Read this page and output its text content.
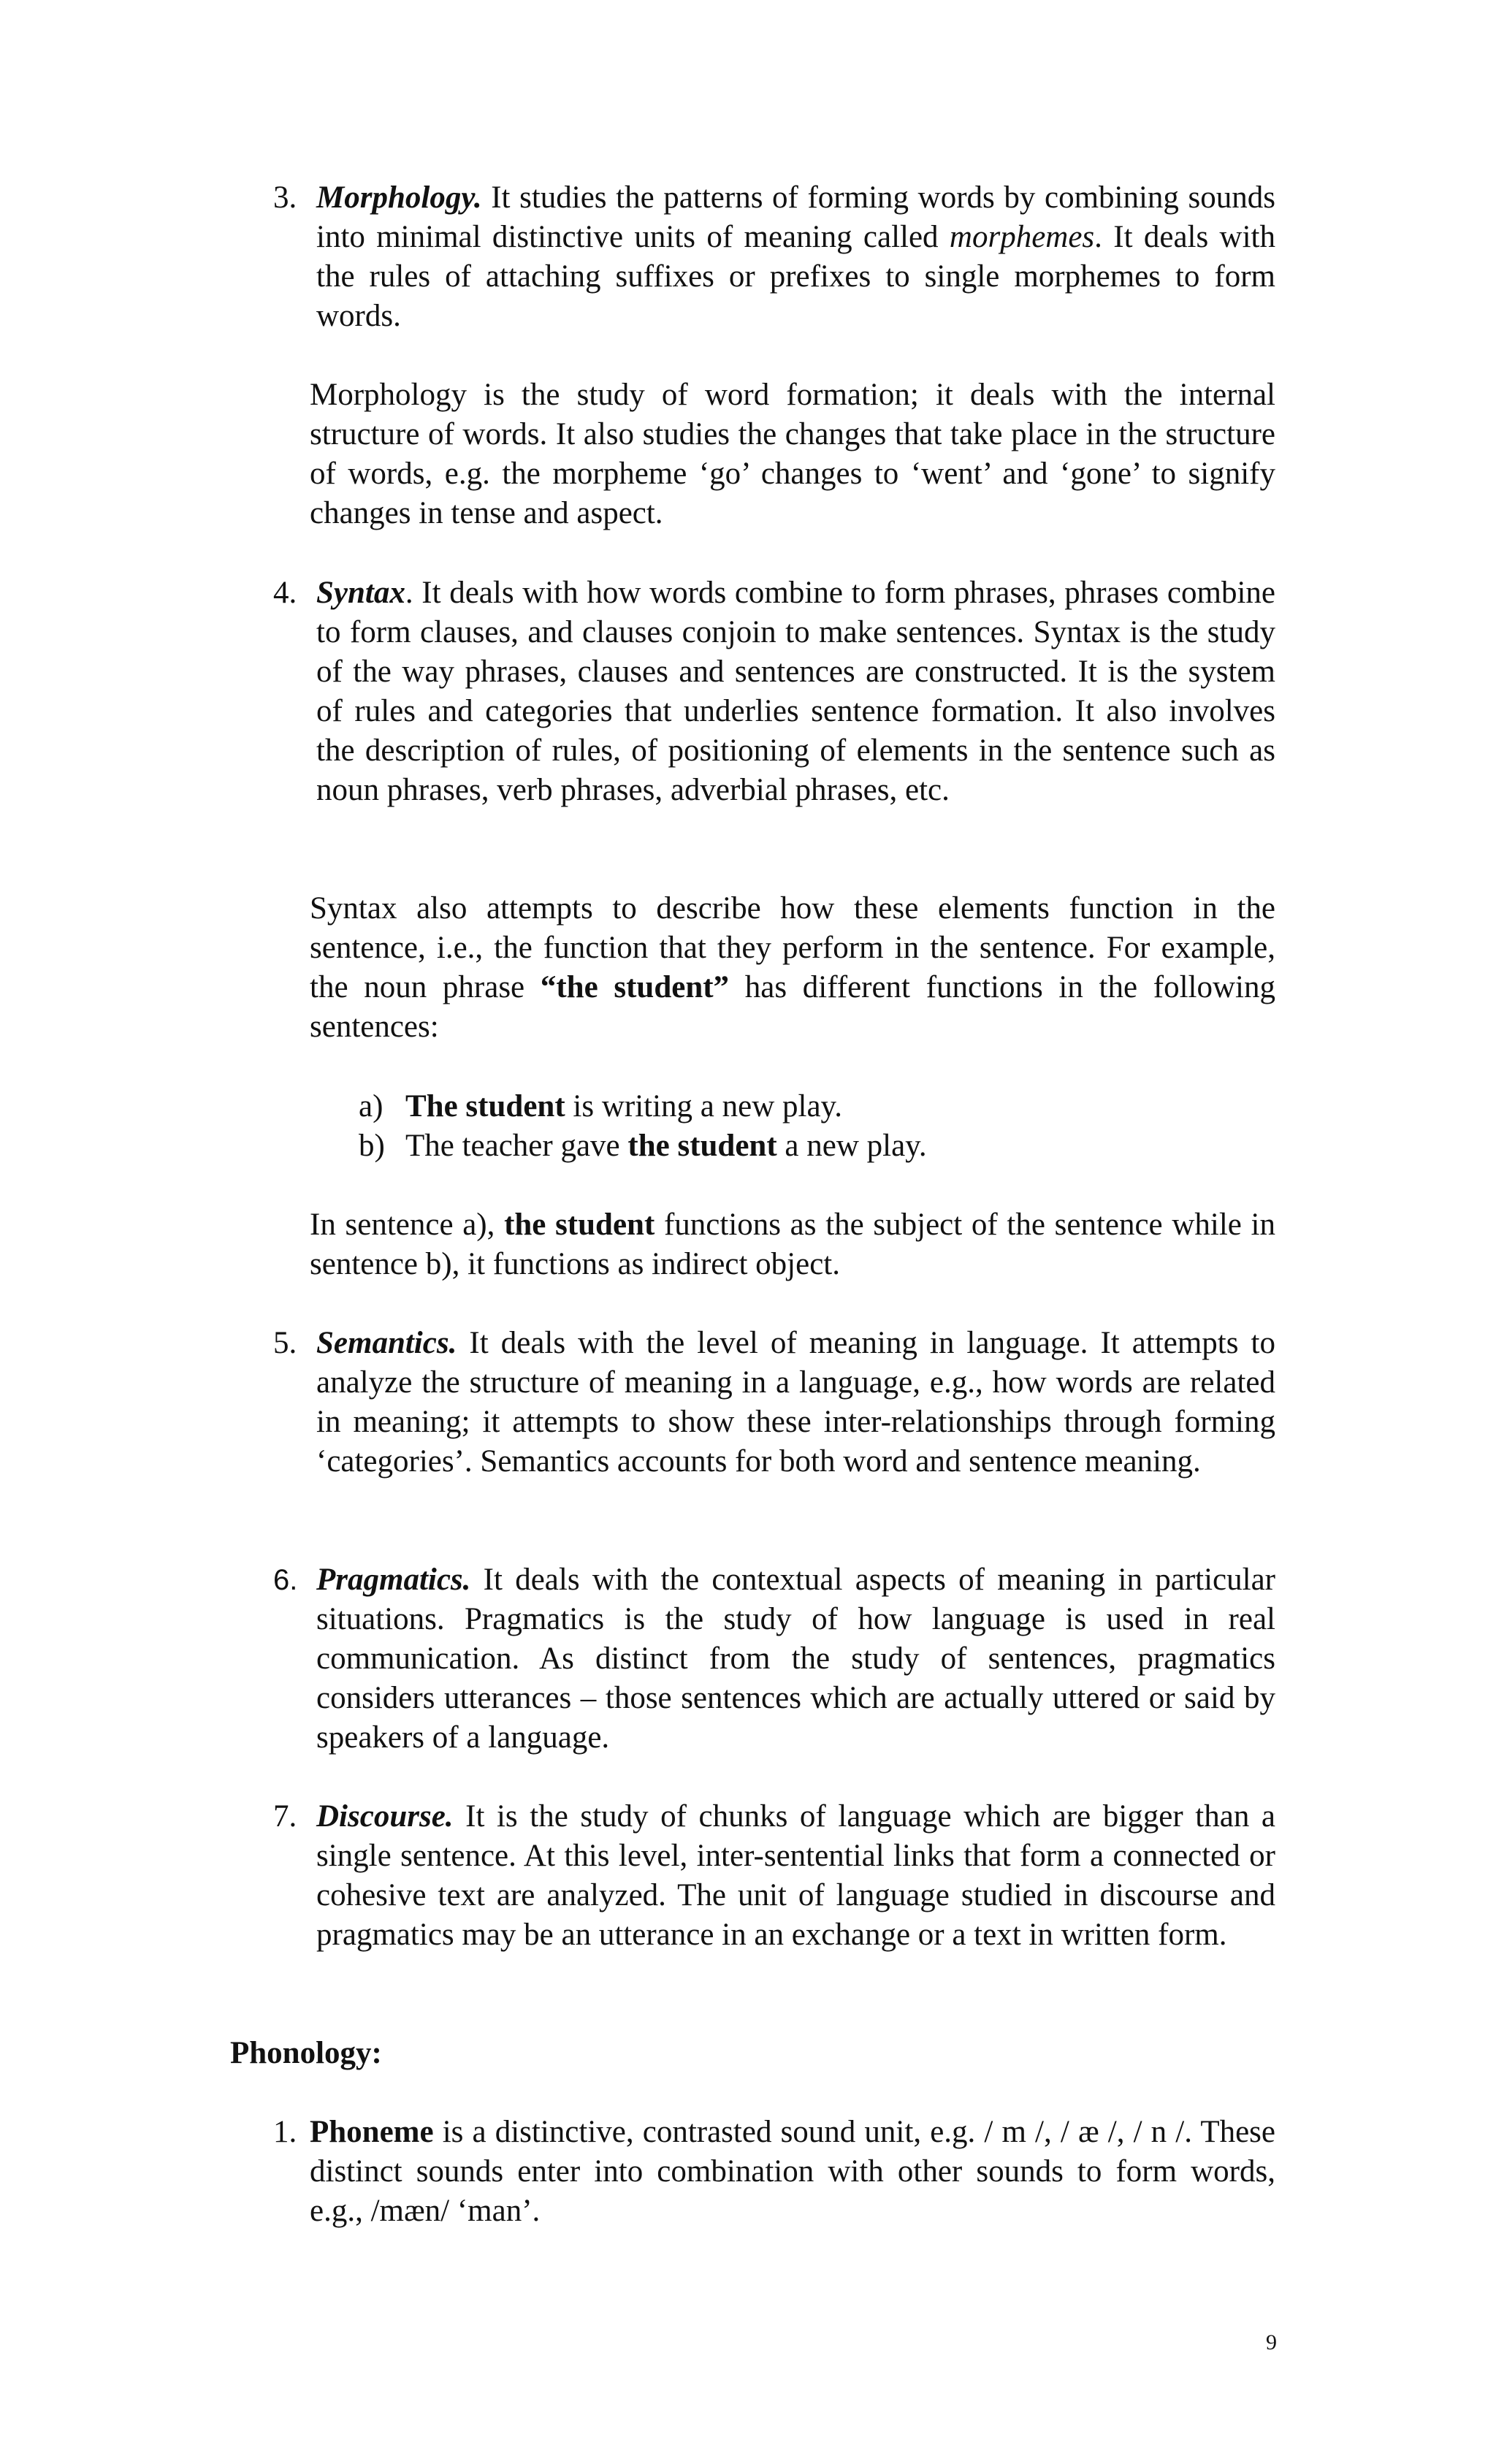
3. Morphology. It studies the patterns of forming words by combining sounds into minimal distinctive units of meaning called morphemes. It deals with the rules of attaching suffixes or prefixes to single morphemes to form words.
Morphology is the study of word formation; it deals with the internal structure of words. It also studies the changes that take place in the structure of words, e.g. the morpheme ‘go’ changes to ‘went’ and ‘gone’ to signify changes in tense and aspect.
4. Syntax. It deals with how words combine to form phrases, phrases combine to form clauses, and clauses conjoin to make sentences. Syntax is the study of the way phrases, clauses and sentences are constructed. It is the system of rules and categories that underlies sentence formation. It also involves the description of rules, of positioning of elements in the sentence such as noun phrases, verb phrases, adverbial phrases, etc.
Syntax also attempts to describe how these elements function in the sentence, i.e., the function that they perform in the sentence. For example, the noun phrase “the student” has different functions in the following sentences:
a) The student is writing a new play.
b) The teacher gave the student a new play.
In sentence a), the student functions as the subject of the sentence while in sentence b), it functions as indirect object.
5. Semantics. It deals with the level of meaning in language. It attempts to analyze the structure of meaning in a language, e.g., how words are related in meaning; it attempts to show these inter-relationships through forming ‘categories’. Semantics accounts for both word and sentence meaning.
6. Pragmatics. It deals with the contextual aspects of meaning in particular situations. Pragmatics is the study of how language is used in real communication. As distinct from the study of sentences, pragmatics considers utterances – those sentences which are actually uttered or said by speakers of a language.
7. Discourse. It is the study of chunks of language which are bigger than a single sentence. At this level, inter-sentential links that form a connected or cohesive text are analyzed. The unit of language studied in discourse and pragmatics may be an utterance in an exchange or a text in written form.
Phonology:
1. Phoneme is a distinctive, contrasted sound unit, e.g. / m /, / æ /, / n /. These distinct sounds enter into combination with other sounds to form words, e.g., /mæn/ ‘man’.
9
